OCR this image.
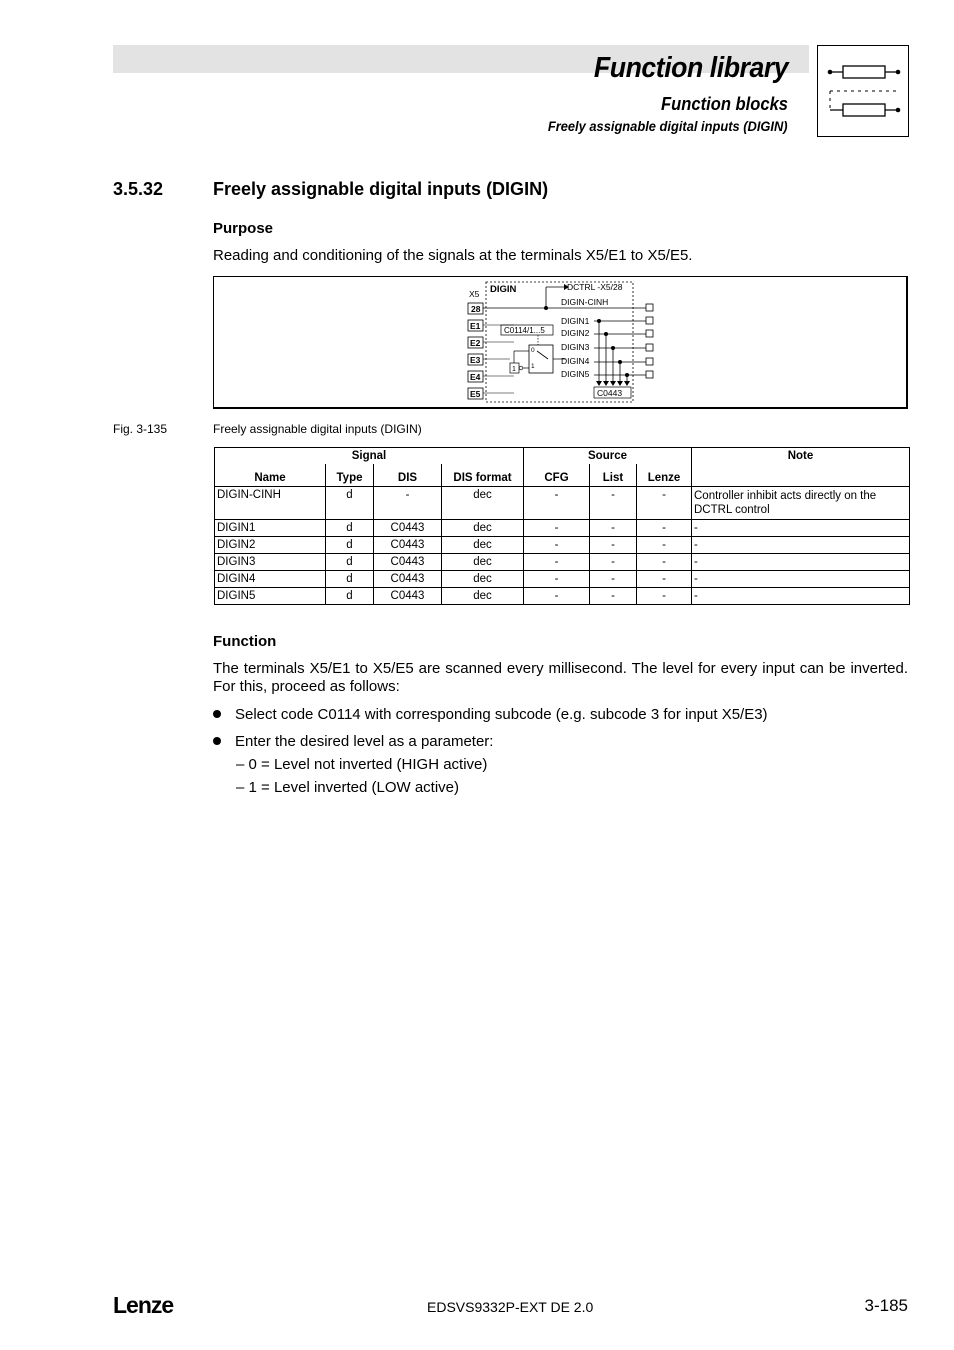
Function library
Function blocks
Freely assignable digital inputs (DIGIN)
3.5.32	Freely assignable digital inputs (DIGIN)
Purpose
Reading and conditioning of the signals at the terminals X5/E1 to X5/E5.
X5 DIGIN
28
E1
E2
E3
E4
E5
DCTRL -X5/28
DIGIN-CINH
C0114/1...5
0
1
1
DIGIN1
DIGIN2
DIGIN3
DIGIN4
DIGIN5
C0443
Fig. 3-135	Freely assignable digital inputs (DIGIN)
Signal				Source			Note
Name	Type	DIS	DIS format	CFG	List	Lenze	
DIGIN-CINH	d	-	dec	-	-	-	Controller inhibit acts directly on the DCTRL control
DIGIN1	d	C0443	dec	-	-	-	-
DIGIN2	d	C0443	dec	-	-	-	-
DIGIN3	d	C0443	dec	-	-	-	-
DIGIN4	d	C0443	dec	-	-	-	-
DIGIN5	d	C0443	dec	-	-	-	-
Function
The terminals X5/E1 to X5/E5 are scanned every millisecond. The level for every input can be inverted. For this, proceed as follows:
Select code C0114 with corresponding subcode (e.g. subcode 3 for input X5/E3)
Enter the desired level as a parameter:
– 0 = Level not inverted (HIGH active)
– 1 = Level inverted (LOW active)
Lenze	EDSVS9332P-EXT DE 2.0	3-185
